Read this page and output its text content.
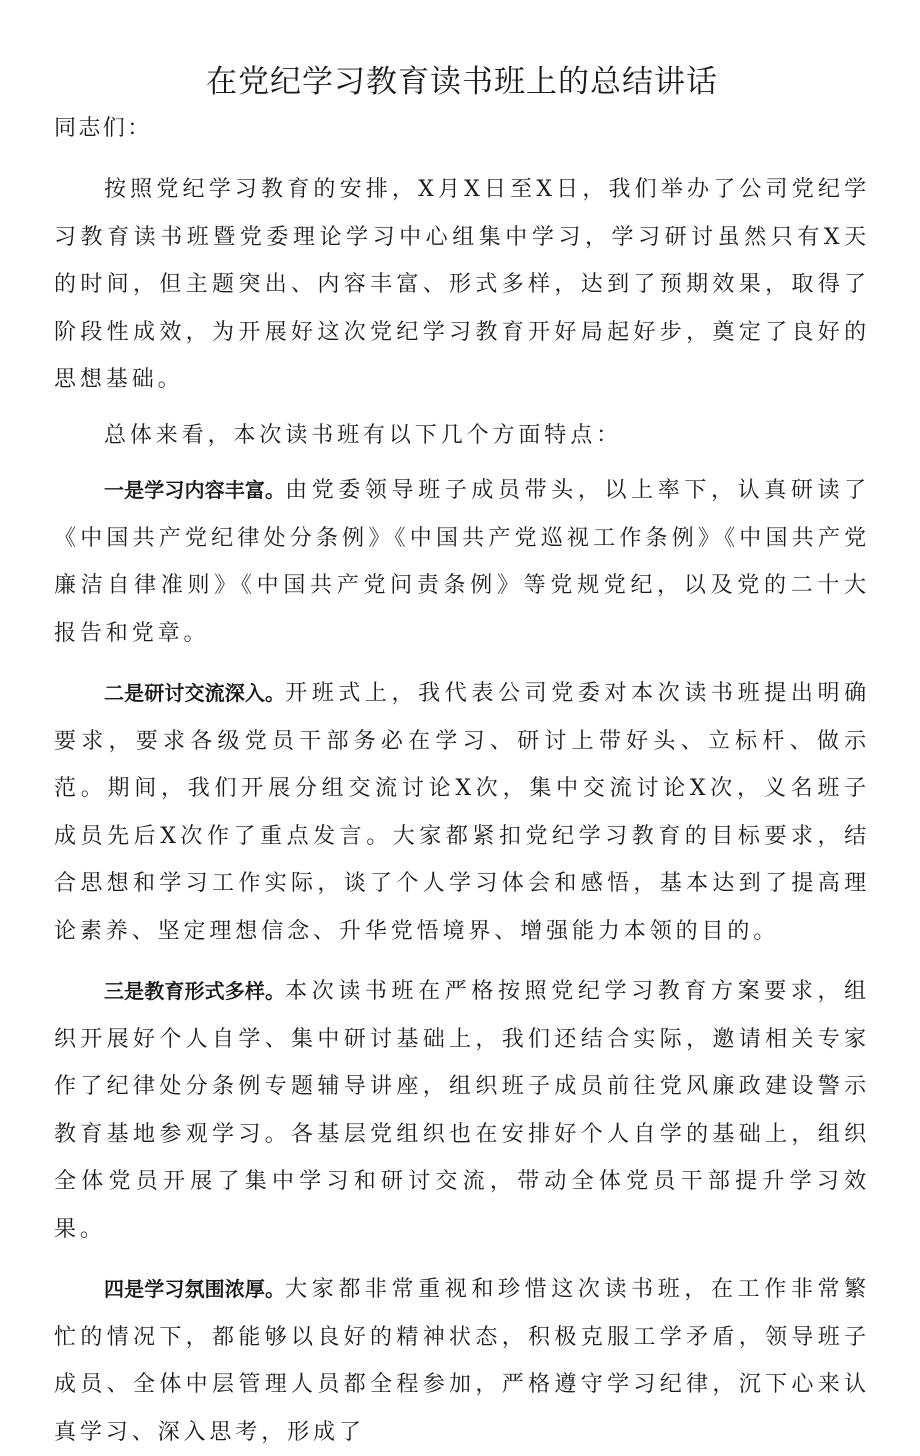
在党纪学习教育读书班上的总结讲话

同志们：

按照党纪学习教育的安排，X月X日至X日，我们举办了公司党纪学习教育读书班暨党委理论学习中心组集中学习，学习研讨虽然只有X天的时间，但主题突出、内容丰富、形式多样，达到了预期效果，取得了阶段性成效，为开展好这次党纪学习教育开好局起好步，奠定了良好的思想基础。

总体来看，本次读书班有以下几个方面特点：

一是学习内容丰富。由党委领导班子成员带头，以上率下，认真研读了《中国共产党纪律处分条例》《中国共产党巡视工作条例》《中国共产党廉洁自律准则》《中国共产党问责条例》等党规党纪，以及党的二十大报告和党章。

二是研讨交流深入。开班式上，我代表公司党委对本次读书班提出明确要求，要求各级党员干部务必在学习、研讨上带好头、立标杆、做示范。期间，我们开展分组交流讨论X次，集中交流讨论X次，义名班子成员先后X次作了重点发言。大家都紧扣党纪学习教育的目标要求，结合思想和学习工作实际，谈了个人学习体会和感悟，基本达到了提高理论素养、坚定理想信念、升华党悟境界、增强能力本领的目的。

三是教育形式多样。本次读书班在严格按照党纪学习教育方案要求，组织开展好个人自学、集中研讨基础上，我们还结合实际，邀请相关专家作了纪律处分条例专题辅导讲座，组织班子成员前往党风廉政建设警示教育基地参观学习。各基层党组织也在安排好个人自学的基础上，组织全体党员开展了集中学习和研讨交流，带动全体党员干部提升学习效果。

四是学习氛围浓厚。大家都非常重视和珍惜这次读书班，在工作非常繁忙的情况下，都能够以良好的精神状态，积极克服工学矛盾，领导班子成员、全体中层管理人员都全程参加，严格遵守学习纪律，沉下心来认真学习、深入思考，形成了
